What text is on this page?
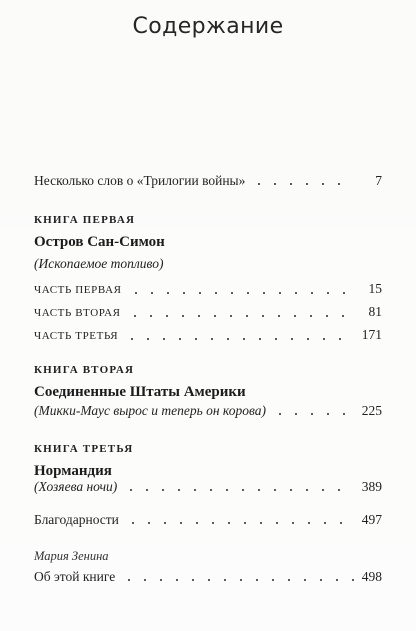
Содержание
Несколько слов о «Трилогии войны»	7
КНИГА ПЕРВАЯ
Остров Сан-Симон
(Ископаемое топливо)
ЧАСТЬ ПЕРВАЯ	15
ЧАСТЬ ВТОРАЯ	81
ЧАСТЬ ТРЕТЬЯ	171
КНИГА ВТОРАЯ
Соединенные Штаты Америки
(Микки-Маус вырос и теперь он корова)	225
КНИГА ТРЕТЬЯ
Нормандия
(Хозяева ночи)	389
Благодарности	497
Мария Зенина
Об этой книге	498
